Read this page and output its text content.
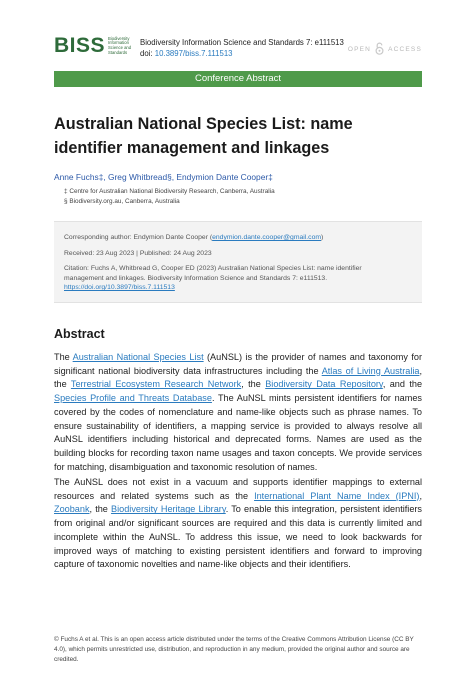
BISS Biodiversity Information Science and Standards
Biodiversity Information Science and Standards 7: e111513
doi: 10.3897/biss.7.111513	OPEN	ACCESS
Conference Abstract
Australian National Species List: name identifier management and linkages
Anne Fuchs‡, Greg Whitbread§, Endymion Dante Cooper‡
‡ Centre for Australian National Biodiversity Research, Canberra, Australia
§ Biodiversity.org.au, Canberra, Australia
Corresponding author: Endymion Dante Cooper (endymion.dante.cooper@gmail.com)
Received: 23 Aug 2023 | Published: 24 Aug 2023
Citation: Fuchs A, Whitbread G, Cooper ED (2023) Australian National Species List: name identifier
management and linkages. Biodiversity Information Science and Standards 7: e111513.
https://doi.org/10.3897/biss.7.111513
Abstract

The Australian National Species List (AuNSL) is the provider of names and taxonomy for significant national biodiversity data infrastructures including the Atlas of Living Australia, the Terrestrial Ecosystem Research Network, the Biodiversity Data Repository, and the Species Profile and Threats Database. The AuNSL mints persistent identifiers for names covered by the codes of nomenclature and name-like objects such as phrase names. To ensure sustainability of identifiers, a mapping service is provided to always resolve all AuNSL identifiers including historical and deprecated forms. Names are used as the building blocks for recording taxon name usages and taxon concepts. We provide services for matching, disambiguation and taxonomic resolution of names.

The AuNSL does not exist in a vacuum and supports identifier mappings to external resources and related systems such as the International Plant Name Index (IPNI), Zoobank, the Biodiversity Heritage Library. To enable this integration, persistent identifiers from original and/or significant sources are required and this data is currently limited and incomplete within the AuNSL. To address this issue, we need to look backwards for improved ways of matching to existing persistent identifiers and forward to improving capture of taxonomic novelties and name-like objects and their identifiers.

© Fuchs A et al. This is an open access article distributed under the terms of the Creative Commons Attribution License (CC BY 4.0), which permits unrestricted use, distribution, and reproduction in any medium, provided the original author and source are credited.
